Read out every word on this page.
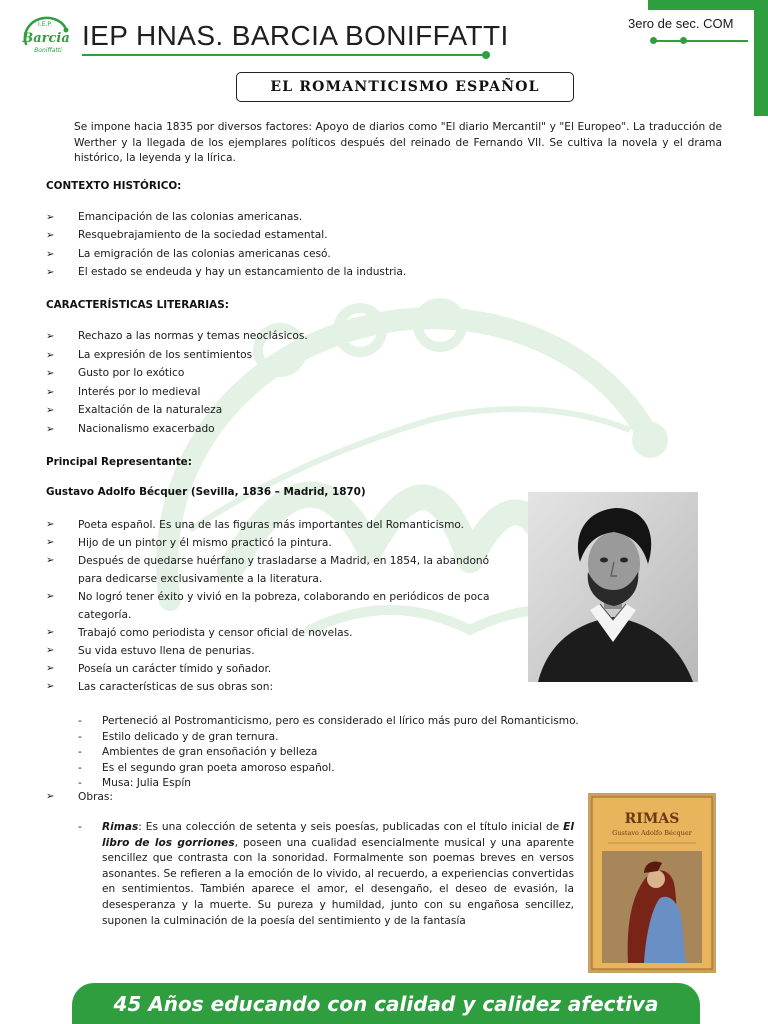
I.E.P.
Barcia
Boniffatti IEP HNAS. BARCIA BONIFFATTI	3ero de sec. COM
EL ROMANTICISMO ESPAÑOL
Se impone hacia 1835 por diversos factores: Apoyo de diarios como "El diario Mercantil" y "El Europeo". La traducción de Werther y la llegada de los ejemplares políticos después del reinado de Fernando VII. Se cultiva la novela y el drama histórico, la leyenda y la lírica.
CONTEXTO HISTÓRICO:
➢ Emancipación de las colonias americanas.
➢ Resquebrajamiento de la sociedad estamental.
➢ La emigración de las colonias americanas cesó.
➢ El estado se endeuda y hay un estancamiento de la industria.
CARACTERÍSTICAS LITERARIAS:
➢ Rechazo a las normas y temas neoclásicos.
➢ La expresión de los sentimientos
➢ Gusto por lo exótico
➢ Interés por lo medieval
➢ Exaltación de la naturaleza
➢ Nacionalismo exacerbado
Principal Representante:
Gustavo Adolfo Bécquer (Sevilla, 1836 – Madrid, 1870)
➢ Poeta español. Es una de las figuras más importantes del Romanticismo.
➢ Hijo de un pintor y él mismo practicó la pintura.
➢ Después de quedarse huérfano y trasladarse a Madrid, en 1854, la abandonó para dedicarse exclusivamente a la literatura.
➢ No logró tener éxito y vivió en la pobreza, colaborando en periódicos de poca categoría.
➢ Trabajó como periodista y censor oficial de novelas.
➢ Su vida estuvo llena de penurias.
➢ Poseía un carácter tímido y soñador.
➢ Las características de sus obras son:
- Perteneció al Postromanticismo, pero es considerado el lírico más puro del Romanticismo.
- Estilo delicado y de gran ternura.
- Ambientes de gran ensoñación y belleza
- Es el segundo gran poeta amoroso español.
- Musa: Julia Espín
➢ Obras:
- Rimas: Es una colección de setenta y seis poesías, publicadas con el título inicial de El libro de los gorriones, poseen una cualidad esencialmente musical y una aparente sencillez que contrasta con la sonoridad. Formalmente son poemas breves en versos asonantes. Se refieren a la emoción de lo vivido, al recuerdo, a experiencias convertidas en sentimientos. También aparece el amor, el desengaño, el deseo de evasión, la desesperanza y la muerte. Su pureza y humildad, junto con su engañosa sencillez, suponen la culminación de la poesía del sentimiento y de la fantasía
RIMAS
Gustavo Adolfo Bécquer
45 Años educando con calidad y calidez afectiva
